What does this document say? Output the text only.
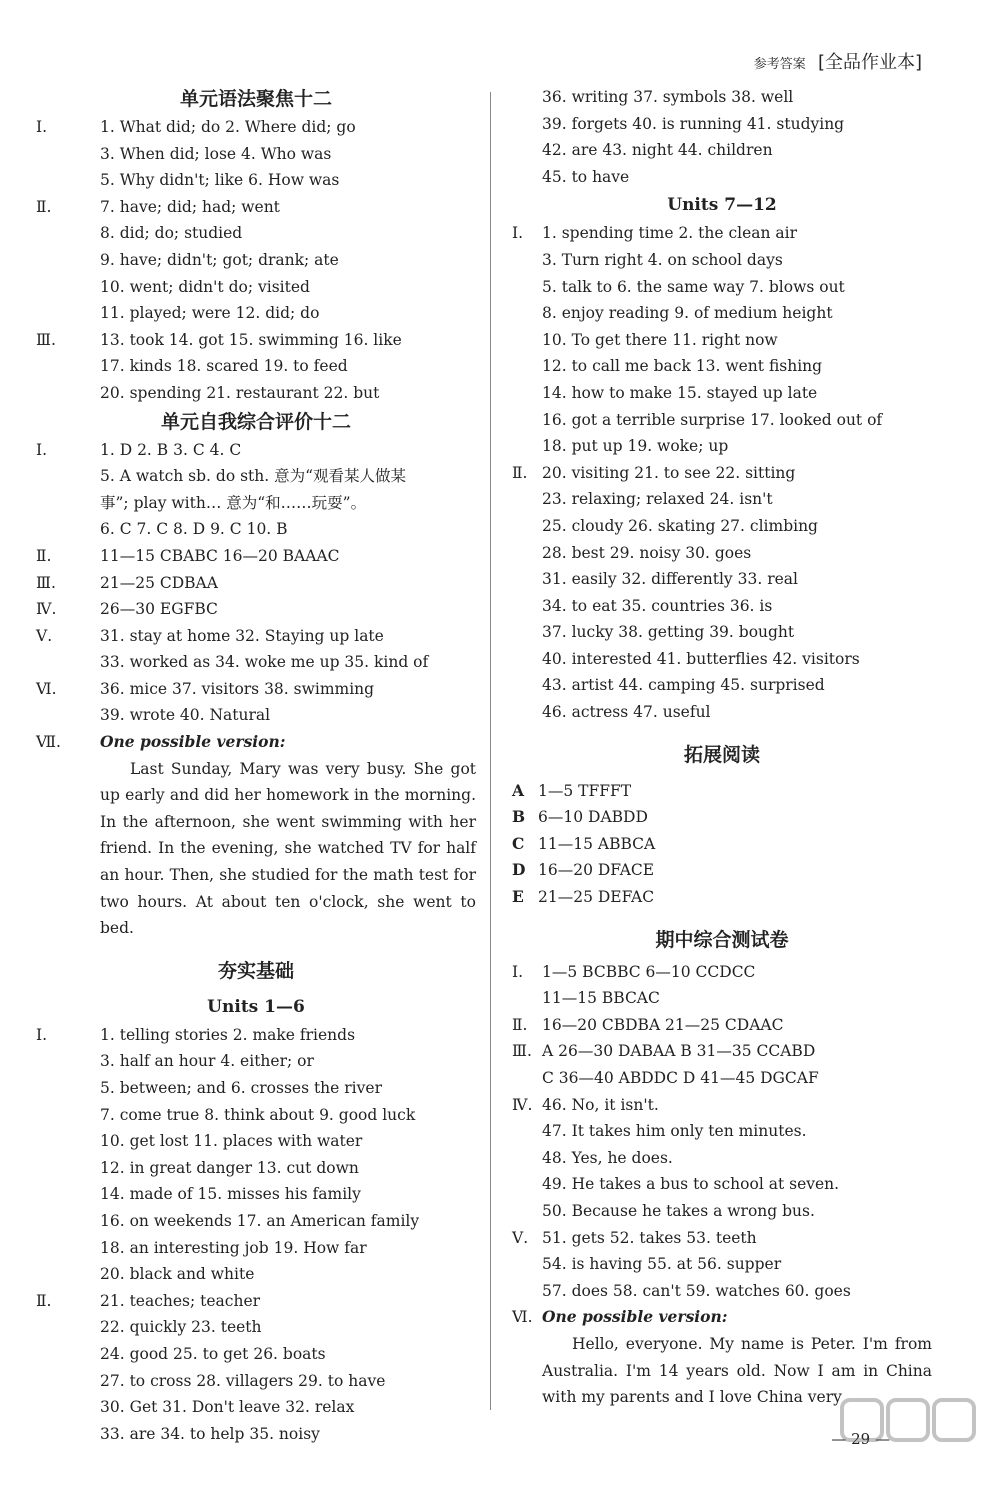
参考答案 [全品作业本]
单元语法聚焦十二
Ⅰ.	1. What did; do 2. Where did; go
3. When did; lose 4. Who was
5. Why didn't; like 6. How was
Ⅱ.	7. have; did; had; went
8. did; do; studied
9. have; didn't; got; drank; ate
10. went; didn't do; visited
11. played; were 12. did; do
Ⅲ.	13. took 14. got 15. swimming 16. like
17. kinds 18. scared 19. to feed
20. spending 21. restaurant 22. but
单元自我综合评价十二
Ⅰ.	1. D 2. B 3. C 4. C
5. A watch sb. do sth. 意为“观看某人做某
事”; play with… 意为“和……玩耍”。
6. C 7. C 8. D 9. C 10. B
Ⅱ.	11—15 CBABC 16—20 BAAAC
Ⅲ.	21—25 CDBAA
Ⅳ.	26—30 EGFBC
Ⅴ.	31. stay at home 32. Staying up late
33. worked as 34. woke me up 35. kind of
Ⅵ.	36. mice 37. visitors 38. swimming
39. wrote 40. Natural
Ⅶ.	One possible version:

Last Sunday, Mary was very busy. She got up early and did her homework in the morning. In the afternoon, she went swimming with her friend. In the evening, she watched TV for half an hour. Then, she studied for the math test for two hours. At about ten o'clock, she went to bed.

夯实基础
Units 1—6
Ⅰ.	1. telling stories 2. make friends
3. half an hour 4. either; or
5. between; and 6. crosses the river
7. come true 8. think about 9. good luck
10. get lost 11. places with water
12. in great danger 13. cut down
14. made of 15. misses his family
16. on weekends 17. an American family
18. an interesting job 19. How far
20. black and white
Ⅱ.	21. teaches; teacher
22. quickly 23. teeth
24. good 25. to get 26. boats
27. to cross 28. villagers 29. to have
30. Get 31. Don't leave 32. relax
33. are 34. to help 35. noisy
36. writing 37. symbols 38. well
39. forgets 40. is running 41. studying
42. are 43. night 44. children
45. to have
Units 7—12
Ⅰ. 1. spending time 2. the clean air
3. Turn right 4. on school days
5. talk to 6. the same way 7. blows out
8. enjoy reading 9. of medium height
10. To get there 11. right now
12. to call me back 13. went fishing
14. how to make 15. stayed up late
16. got a terrible surprise 17. looked out of
18. put up 19. woke; up
Ⅱ. 20. visiting 21. to see 22. sitting
23. relaxing; relaxed 24. isn't
25. cloudy 26. skating 27. climbing
28. best 29. noisy 30. goes
31. easily 32. differently 33. real
34. to eat 35. countries 36. is
37. lucky 38. getting 39. bought
40. interested 41. butterflies 42. visitors
43. artist 44. camping 45. surprised
46. actress 47. useful
拓展阅读
A 1—5 TFFFT
B 6—10 DABDD
C 11—15 ABBCA
D 16—20 DFACE
E 21—25 DEFAC
期中综合测试卷
Ⅰ. 1—5 BCBBC 6—10 CCDCC
11—15 BBCAC
Ⅱ. 16—20 CBDBA 21—25 CDAAC
Ⅲ. A 26—30 DABAA B 31—35 CCABD
C 36—40 ABDDC D 41—45 DGCAF
Ⅳ. 46. No, it isn't.
47. It takes him only ten minutes.
48. Yes, he does.
49. He takes a bus to school at seven.
50. Because he takes a wrong bus.
Ⅴ. 51. gets 52. takes 53. teeth
54. is having 55. at 56. supper
57. does 58. can't 59. watches 60. goes
Ⅵ. One possible version:

Hello, everyone. My name is Peter. I'm from Australia. I'm 14 years old. Now I am in China with my parents and I love China very

— 29 —
